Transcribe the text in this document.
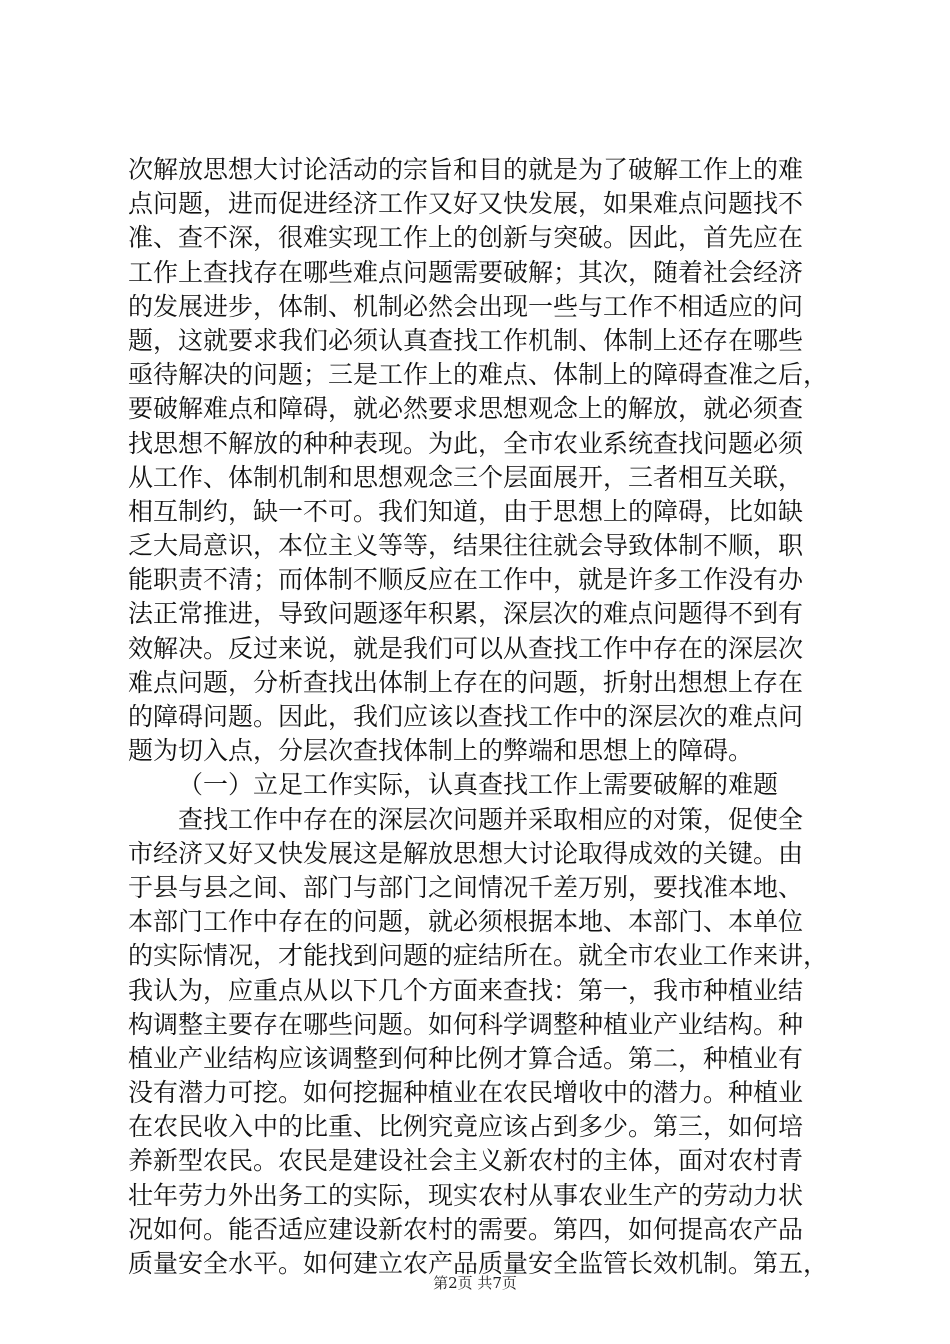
次解放思想大讨论活动的宗旨和目的就是为了破解工作上的难
点问题，进而促进经济工作又好又快发展，如果难点问题找不
准、查不深，很难实现工作上的创新与突破。因此，首先应在
工作上查找存在哪些难点问题需要破解；其次，随着社会经济
的发展进步，体制、机制必然会出现一些与工作不相适应的问
题，这就要求我们必须认真查找工作机制、体制上还存在哪些
亟待解决的问题；三是工作上的难点、体制上的障碍查准之后，
要破解难点和障碍，就必然要求思想观念上的解放，就必须查
找思想不解放的种种表现。为此，全市农业系统查找问题必须
从工作、体制机制和思想观念三个层面展开，三者相互关联，
相互制约，缺一不可。我们知道，由于思想上的障碍，比如缺
乏大局意识，本位主义等等，结果往往就会导致体制不顺，职
能职责不清；而体制不顺反应在工作中，就是许多工作没有办
法正常推进，导致问题逐年积累，深层次的难点问题得不到有
效解决。反过来说，就是我们可以从查找工作中存在的深层次
难点问题，分析查找出体制上存在的问题，折射出想想上存在
的障碍问题。因此，我们应该以查找工作中的深层次的难点问
题为切入点，分层次查找体制上的弊端和思想上的障碍。
（一）立足工作实际，认真查找工作上需要破解的难题
查找工作中存在的深层次问题并采取相应的对策，促使全
市经济又好又快发展这是解放思想大讨论取得成效的关键。由
于县与县之间、部门与部门之间情况千差万别，要找准本地、
本部门工作中存在的问题，就必须根据本地、本部门、本单位
的实际情况，才能找到问题的症结所在。就全市农业工作来讲，
我认为，应重点从以下几个方面来查找：第一，我市种植业结
构调整主要存在哪些问题。如何科学调整种植业产业结构。种
植业产业结构应该调整到何种比例才算合适。第二，种植业有
没有潜力可挖。如何挖掘种植业在农民增收中的潜力。种植业
在农民收入中的比重、比例究竟应该占到多少。第三，如何培
养新型农民。农民是建设社会主义新农村的主体，面对农村青
壮年劳力外出务工的实际，现实农村从事农业生产的劳动力状
况如何。能否适应建设新农村的需要。第四，如何提高农产品
质量安全水平。如何建立农产品质量安全监管长效机制。第五，
第2页 共7页
